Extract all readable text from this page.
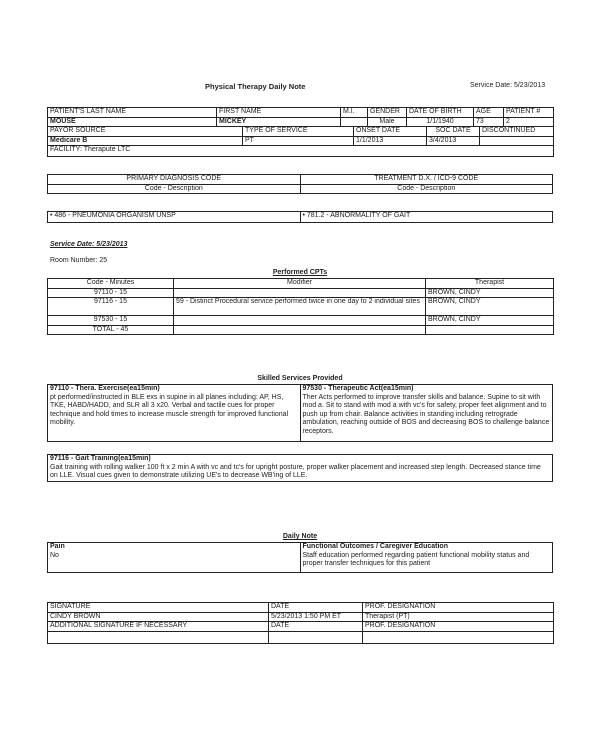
Physical Therapy Daily Note	Service Date: 5/23/2013
PATIENT'S LAST NAME	FIRST NAME	M.I.	GENDER	DATE OF BIRTH	AGE	PATIENT #
MOUSE	MICKEY		Male	1/1/1940	73	2
PAYOR SOURCE	TYPE OF SERVICE	ONSET DATE	SOC DATE	DISCONTINUED
Medicare B	PT	1/1/2013	3/4/2013	
FACILITY: Therapute LTC				
PRIMARY DIAGNOSIS CODE	TREATMENT D.X. / ICD-9 CODE
Code - Description	Code - Description
• 486 - PNEUMONIA ORGANISM UNSP	• 781.2 - ABNORMALITY OF GAIT
Service Date: 5/23/2013
Room Number: 25
Performed CPTs
Code - Minutes	Modifier	Therapist
97110 - 15		BROWN, CINDY
97116 - 15	59 - Distinct Procedural service performed twice in one day to 2 individual sites	BROWN, CINDY
97530 - 15		BROWN, CINDY
TOTAL - 45		
Skilled Services Provided
97110 - Thera. Exercise(ea15min)
pt performed/instructed in BLE exs in supine in all planes including: AP, HS, TKE, HABD/HADD, and SLR all 3 x20. Verbal and tactile cues for proper technique and hold times to increase muscle strength for improved functional mobility.

97530 - Therapeutic Act(ea15min)
Ther Acts performed to improve transfer skills and balance. Supine to sit with mod a. Sit to stand with mod a with vc's for safety, proper feet alignment and to push up from chair. Balance activities in standing including retrograde ambulation, reaching outside of BOS and decreasing BOS to challenge balance receptors.
97116 - Gait Training(ea15min)
Gait training with rolling walker 100 ft x 2 min A with vc and tc's for upright posture, proper walker placement and increased step length. Decreased stance time on LLE. Visual cues given to demonstrate utilizing UE's to decrease WB'ing of LLE.
Daily Note
Pain
No

Functional Outcomes / Caregiver Education
Staff education performed regarding patient functional mobility status and proper transfer techniques for this patient
SIGNATURE	DATE	PROF. DESIGNATION
CINDY BROWN	5/23/2013 1:50 PM ET	Therapist (PT)
ADDITIONAL SIGNATURE IF NECESSARY	DATE	PROF. DESIGNATION
